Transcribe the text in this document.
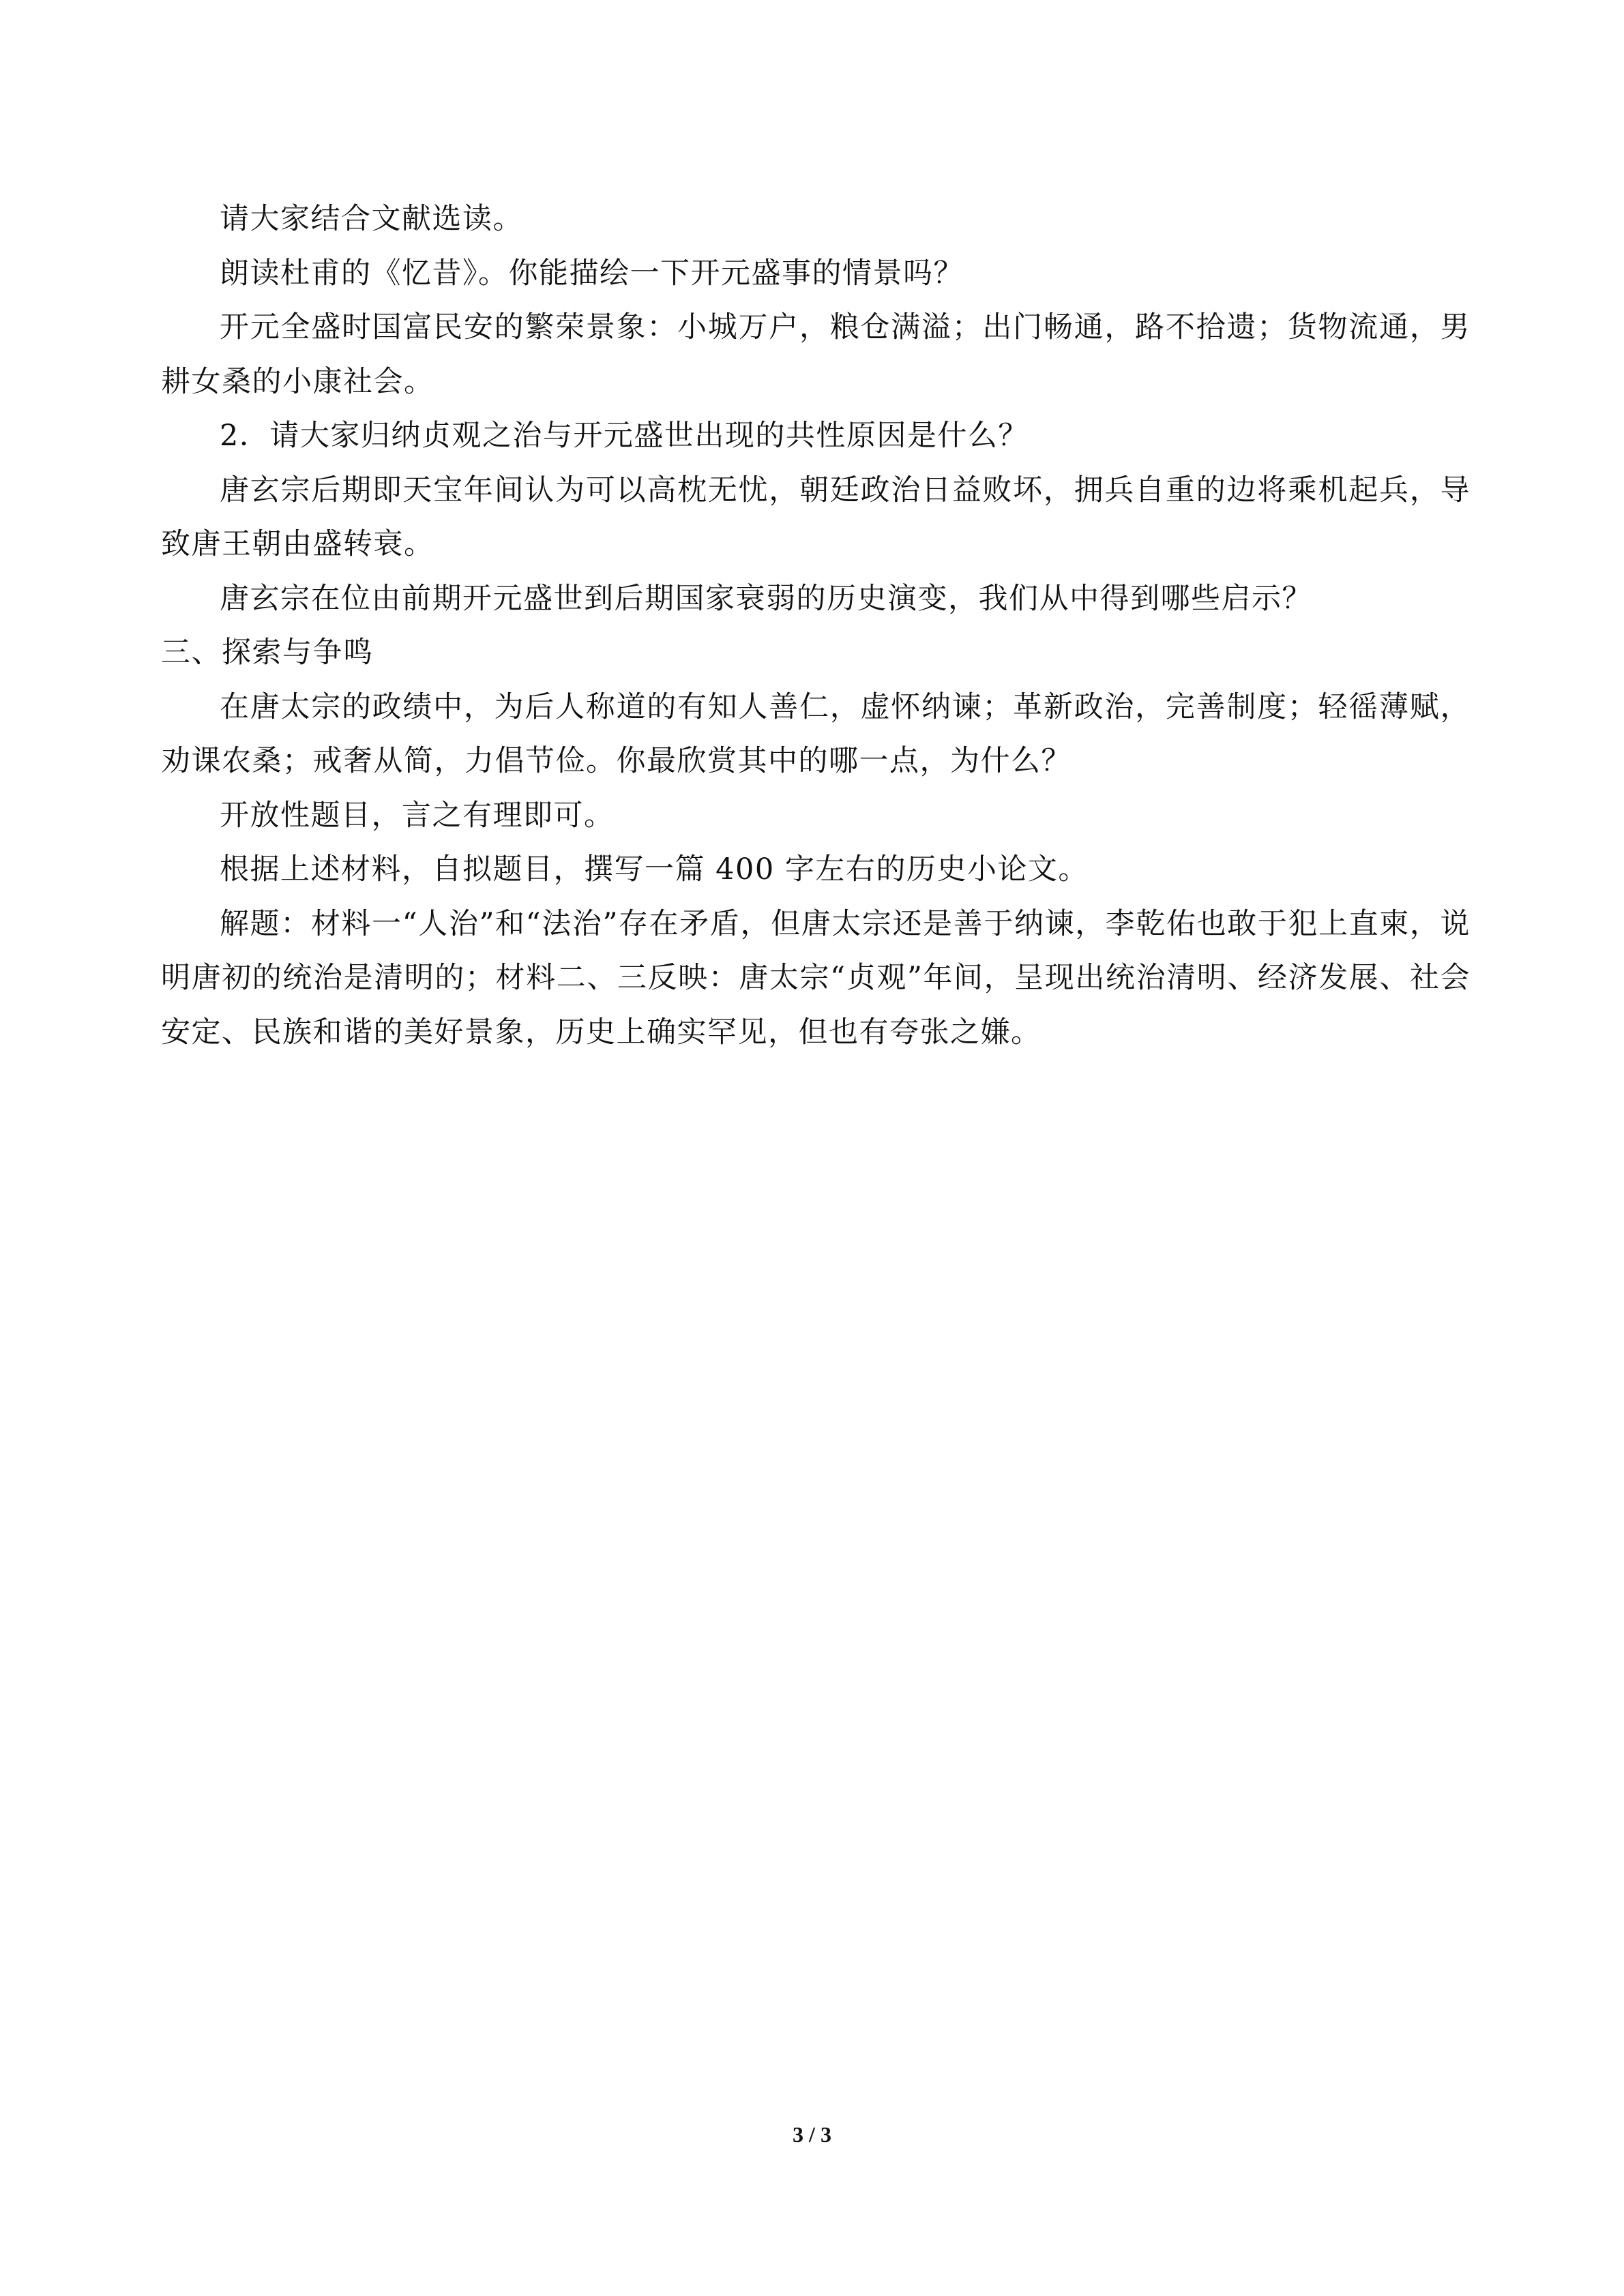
请大家结合文献选读。

朗读杜甫的《忆昔》。你能描绘一下开元盛事的情景吗？

开元全盛时国富民安的繁荣景象：小城万户，粮仓满溢；出门畅通，路不拾遗；货物流通，男耕女桑的小康社会。

2．请大家归纳贞观之治与开元盛世出现的共性原因是什么？

唐玄宗后期即天宝年间认为可以高枕无忧，朝廷政治日益败坏，拥兵自重的边将乘机起兵，导致唐王朝由盛转衰。

唐玄宗在位由前期开元盛世到后期国家衰弱的历史演变，我们从中得到哪些启示？

三、探索与争鸣

在唐太宗的政绩中，为后人称道的有知人善仁，虚怀纳谏；革新政治，完善制度；轻徭薄赋，劝课农桑；戒奢从简，力倡节俭。你最欣赏其中的哪一点，为什么？

开放性题目，言之有理即可。

根据上述材料，自拟题目，撰写一篇 400 字左右的历史小论文。

解题：材料一“人治”和“法治”存在矛盾，但唐太宗还是善于纳谏，李乾佑也敢于犯上直柬，说明唐初的统治是清明的；材料二、三反映：唐太宗“贞观”年间，呈现出统治清明、经济发展、社会安定、民族和谐的美好景象，历史上确实罕见，但也有夸张之嫌。

3 / 3
